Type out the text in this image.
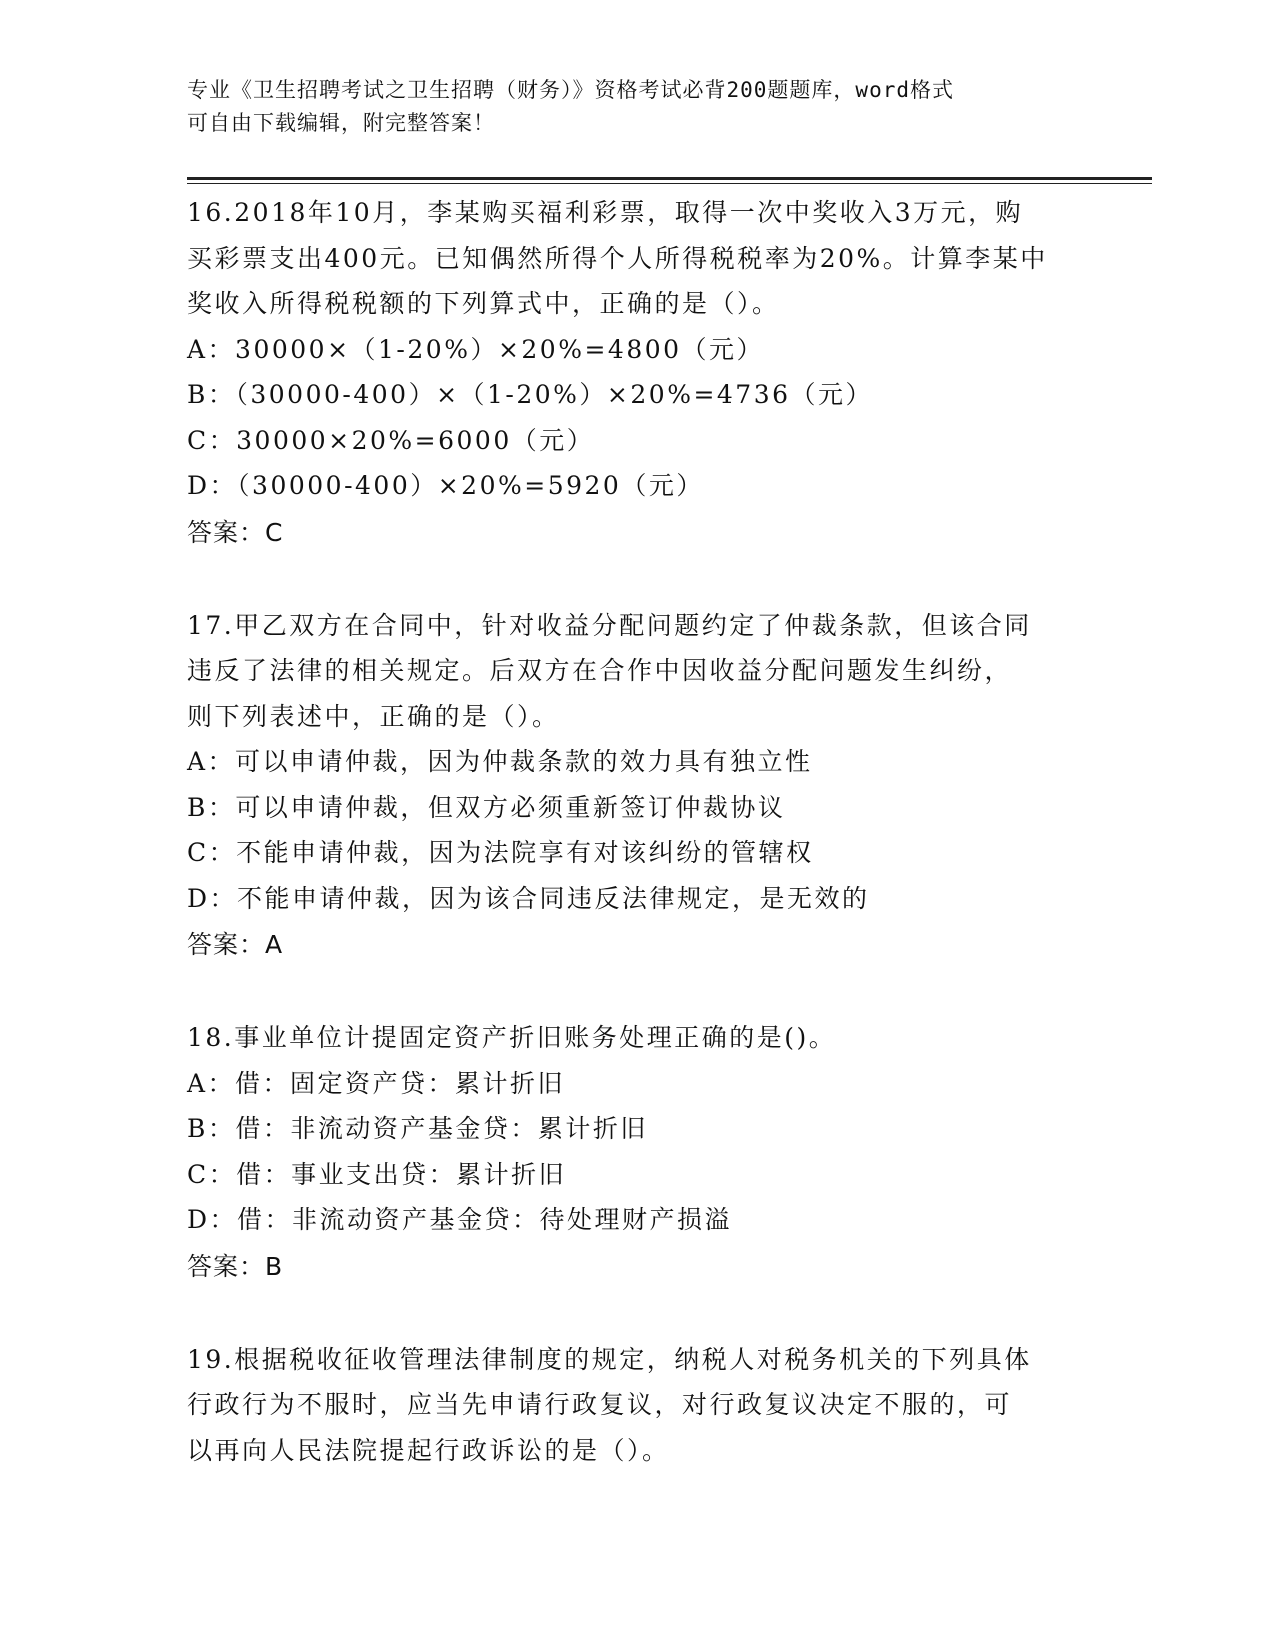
专业《卫生招聘考试之卫生招聘（财务）》资格考试必背200题题库，word格式
可自由下载编辑，附完整答案！

16.2018年10月，李某购买福利彩票，取得一次中奖收入3万元，购

买彩票支出400元。已知偶然所得个人所得税税率为20%。计算李某中

奖收入所得税税额的下列算式中，正确的是（）。

A：30000×（1-20%）×20%=4800（元）

B：（30000-400）×（1-20%）×20%=4736（元）

C：30000×20%=6000（元）

D：（30000-400）×20%=5920（元）

答案：C

17.甲乙双方在合同中，针对收益分配问题约定了仲裁条款，但该合同

违反了法律的相关规定。后双方在合作中因收益分配问题发生纠纷，

则下列表述中，正确的是（）。

A：可以申请仲裁，因为仲裁条款的效力具有独立性

B：可以申请仲裁，但双方必须重新签订仲裁协议

C：不能申请仲裁，因为法院享有对该纠纷的管辖权

D：不能申请仲裁，因为该合同违反法律规定，是无效的

答案：A

18.事业单位计提固定资产折旧账务处理正确的是()。

A：借：固定资产贷：累计折旧

B：借：非流动资产基金贷：累计折旧

C：借：事业支出贷：累计折旧

D：借：非流动资产基金贷：待处理财产损溢

答案：B

19.根据税收征收管理法律制度的规定，纳税人对税务机关的下列具体

行政行为不服时，应当先申请行政复议，对行政复议决定不服的，可

以再向人民法院提起行政诉讼的是（）。
